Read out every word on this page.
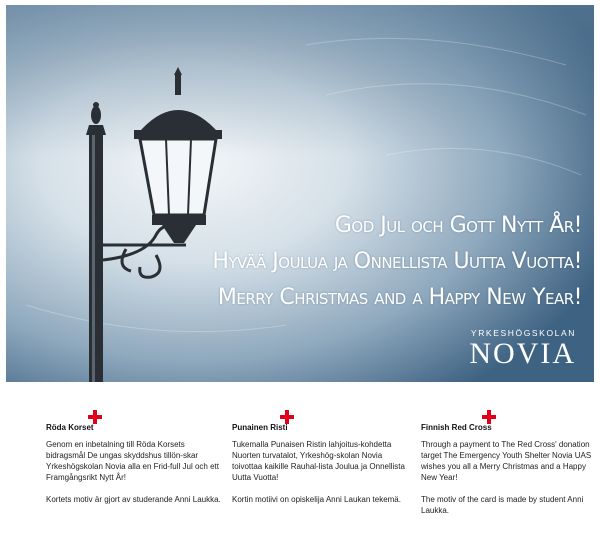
God Jul och Gott Nytt År!
Hyvää Joulua ja Onnellista Uutta Vuotta!
Merry Christmas and a Happy New Year!
YRKESHÖGSKOLAN
NOVIA
Röda Korset

Genom en inbetalning till Röda Korsets bidragsmål De ungas skyddshus tillön-skar Yrkeshögskolan Novia alla en Frid-full Jul och ett Framgångsrikt Nytt År!

Kortets motiv är gjort av studerande Anni Laukka.

Punainen Risti

Tukemalla Punaisen Ristin lahjoitus-kohdetta Nuorten turvatalot, Yrkeshög-skolan Novia toivottaa kaikille Rauhal-lista Joulua ja Onnellista Uutta Vuotta!

Kortin motiivi on opiskelija Anni Laukan tekemä.

Finnish Red Cross

Through a payment to The Red Cross' donation target The Emergency Youth Shelter Novia UAS wishes you all a Merry Christmas and a Happy New Year!

The motiv of the card is made by student Anni Laukka.
